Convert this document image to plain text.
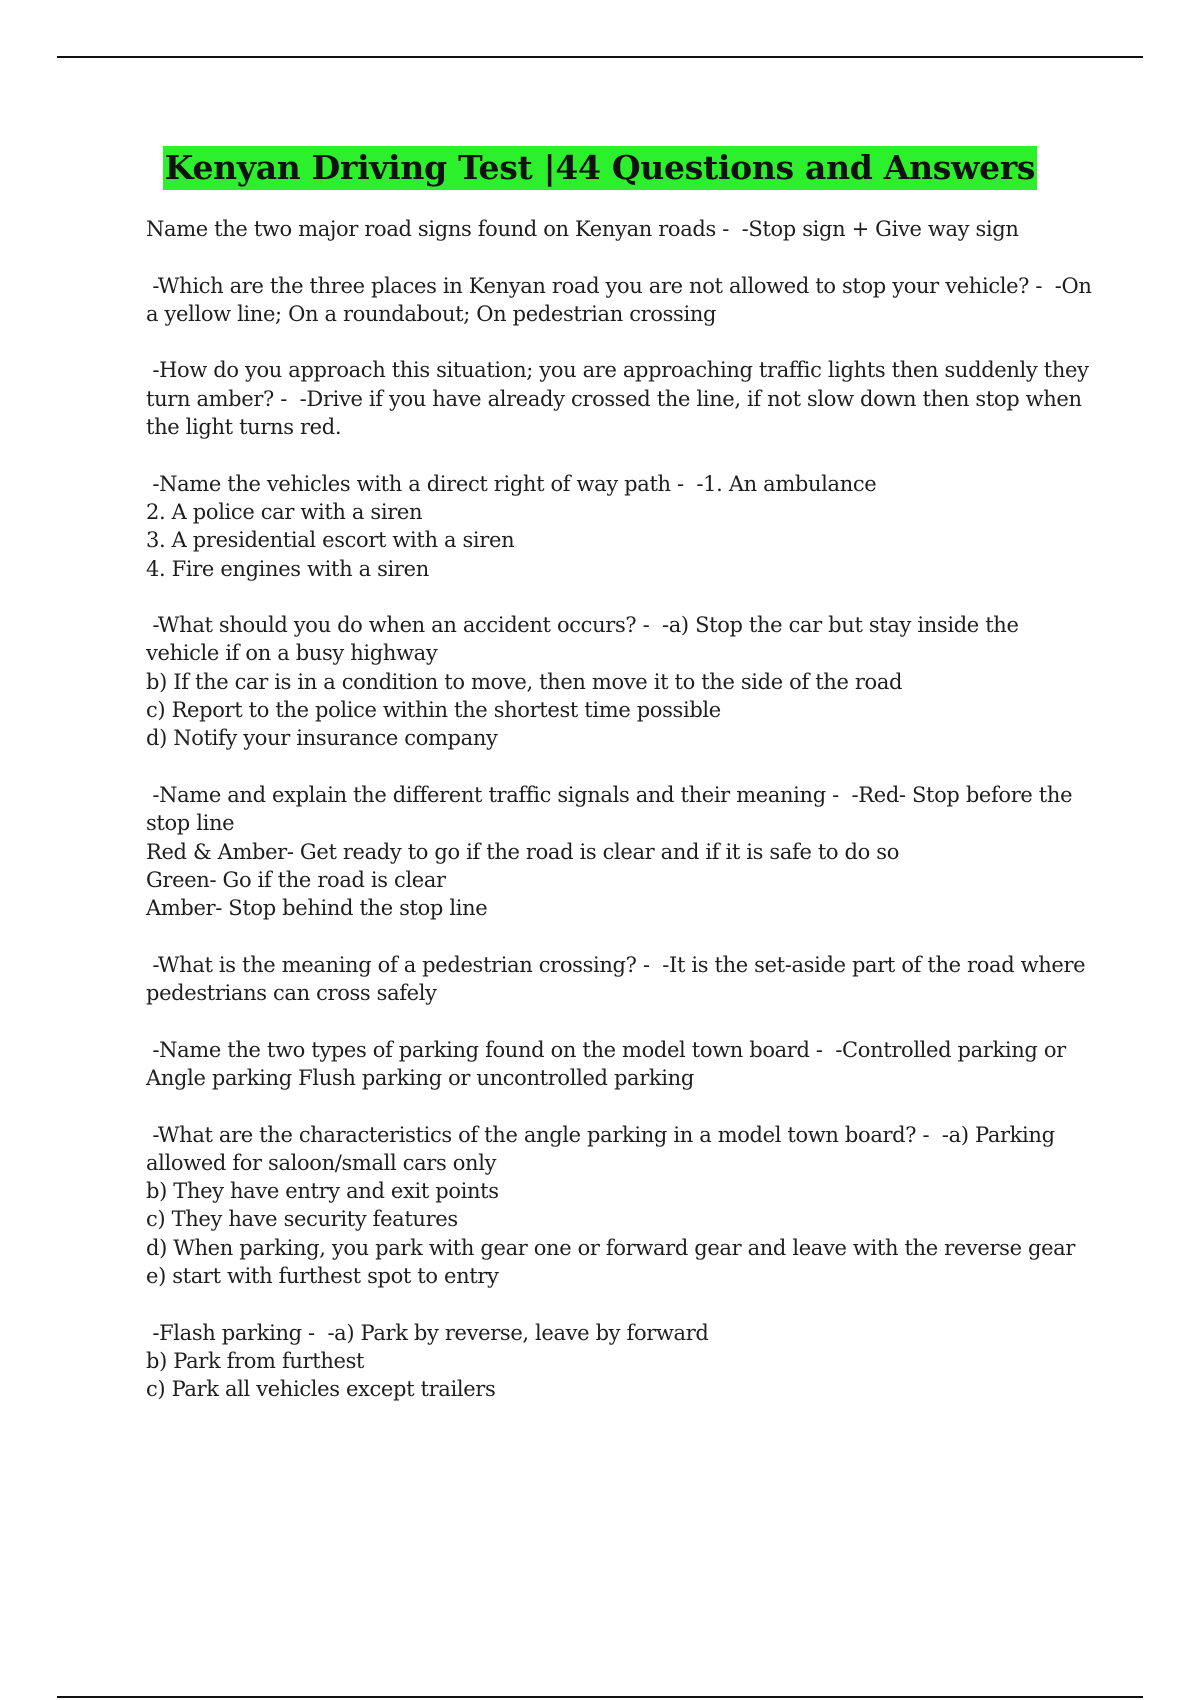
Kenyan Driving Test |44 Questions and Answers
Name the two major road signs found on Kenyan roads -  -Stop sign + Give way sign
-Which are the three places in Kenyan road you are not allowed to stop your vehicle? -  -On a yellow line; On a roundabout; On pedestrian crossing
-How do you approach this situation; you are approaching traffic lights then suddenly they turn amber? -  -Drive if you have already crossed the line, if not slow down then stop when the light turns red.
-Name the vehicles with a direct right of way path -  -1. An ambulance
2. A police car with a siren
3. A presidential escort with a siren
4. Fire engines with a siren
-What should you do when an accident occurs? -  -a) Stop the car but stay inside the vehicle if on a busy highway
b) If the car is in a condition to move, then move it to the side of the road
c) Report to the police within the shortest time possible
d) Notify your insurance company
-Name and explain the different traffic signals and their meaning -  -Red- Stop before the stop line
Red & Amber- Get ready to go if the road is clear and if it is safe to do so
Green- Go if the road is clear
Amber- Stop behind the stop line
-What is the meaning of a pedestrian crossing? -  -It is the set-aside part of the road where pedestrians can cross safely
-Name the two types of parking found on the model town board -  -Controlled parking or Angle parking Flush parking or uncontrolled parking
-What are the characteristics of the angle parking in a model town board? -  -a) Parking allowed for saloon/small cars only
b) They have entry and exit points
c) They have security features
d) When parking, you park with gear one or forward gear and leave with the reverse gear
e) start with furthest spot to entry
-Flash parking -  -a) Park by reverse, leave by forward
b) Park from furthest
c) Park all vehicles except trailers
